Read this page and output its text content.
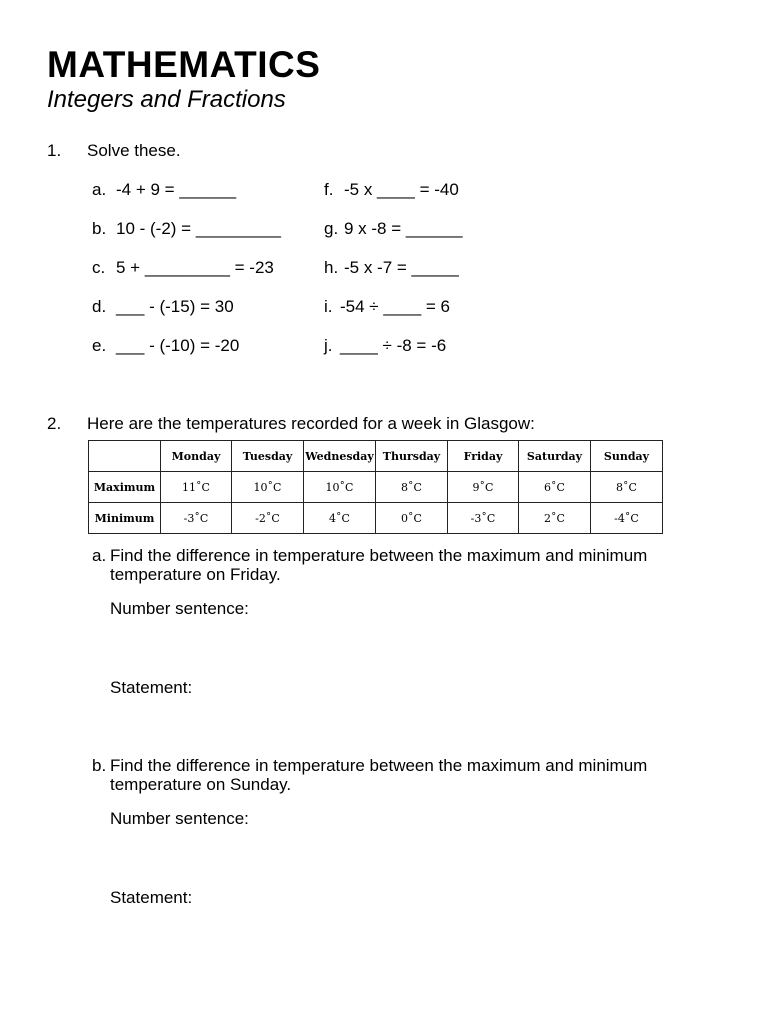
MATHEMATICS
Integers and Fractions
1. Solve these.
a. -4 + 9 = ______
b. 10 - (-2) = _________
c. 5 + _________ = -23
d. ___ - (-15) = 30
e. ___ - (-10) = -20
f. -5 x ____ = -40
g. 9 x -8 = ______
h. -5 x -7 = _____
i. -54 ÷ ____ = 6
j. ____ ÷ -8 = -6
2. Here are the temperatures recorded for a week in Glasgow:
	Monday	Tuesday	Wednesday	Thursday	Friday	Saturday	Sunday
Maximum	11˚C	10˚C	10˚C	8˚C	9˚C	6˚C	8˚C
Minimum	-3˚C	-2˚C	4˚C	0˚C	-3˚C	2˚C	-4˚C
a. Find the difference in temperature between the maximum and minimum
temperature on Friday.
Number sentence:
Statement:
b. Find the difference in temperature between the maximum and minimum
temperature on Sunday.
Number sentence:
Statement:
